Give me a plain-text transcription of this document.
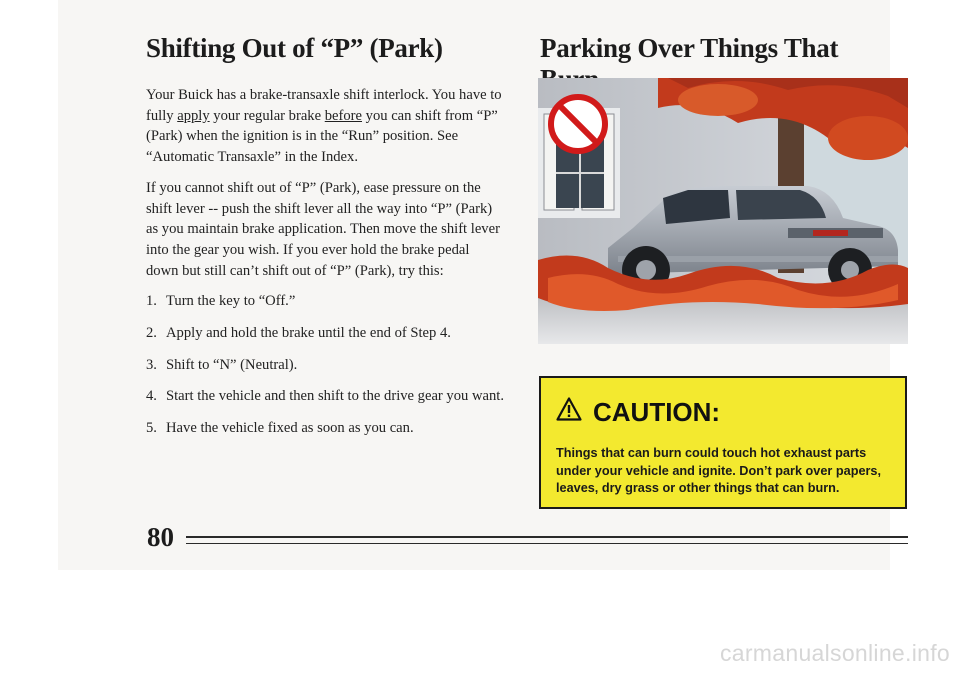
Shifting Out of “P” (Park)	Parking Over Things That

Your Buick has a brake-transaxle shift interlock. You have to fully apply your regular brake before you can shift from “P” (Park) when the ignition is in the “Run” position. See “Automatic Transaxle” in the Index.

If you cannot shift out of “P” (Park), ease pressure on the shift lever -- push the shift lever all the way into “P” (Park) as you maintain brake application. Then move the shift lever into the gear you wish. If you ever hold the brake pedal down but still can’t shift out of “P” (Park), try this:

1. Turn the key to “Off.”
2. Apply and hold the brake until the end of Step 4.
3. Shift to “N” (Neutral).
4. Start the vehicle and then shift to the drive gear you want.
5. Have the vehicle fixed as soon as you can.
CAUTION:
Things that can burn could touch hot exhaust parts under your vehicle and ignite. Don’t park over papers, leaves, dry grass or other things that can burn.
80
carmanualsonline.info
